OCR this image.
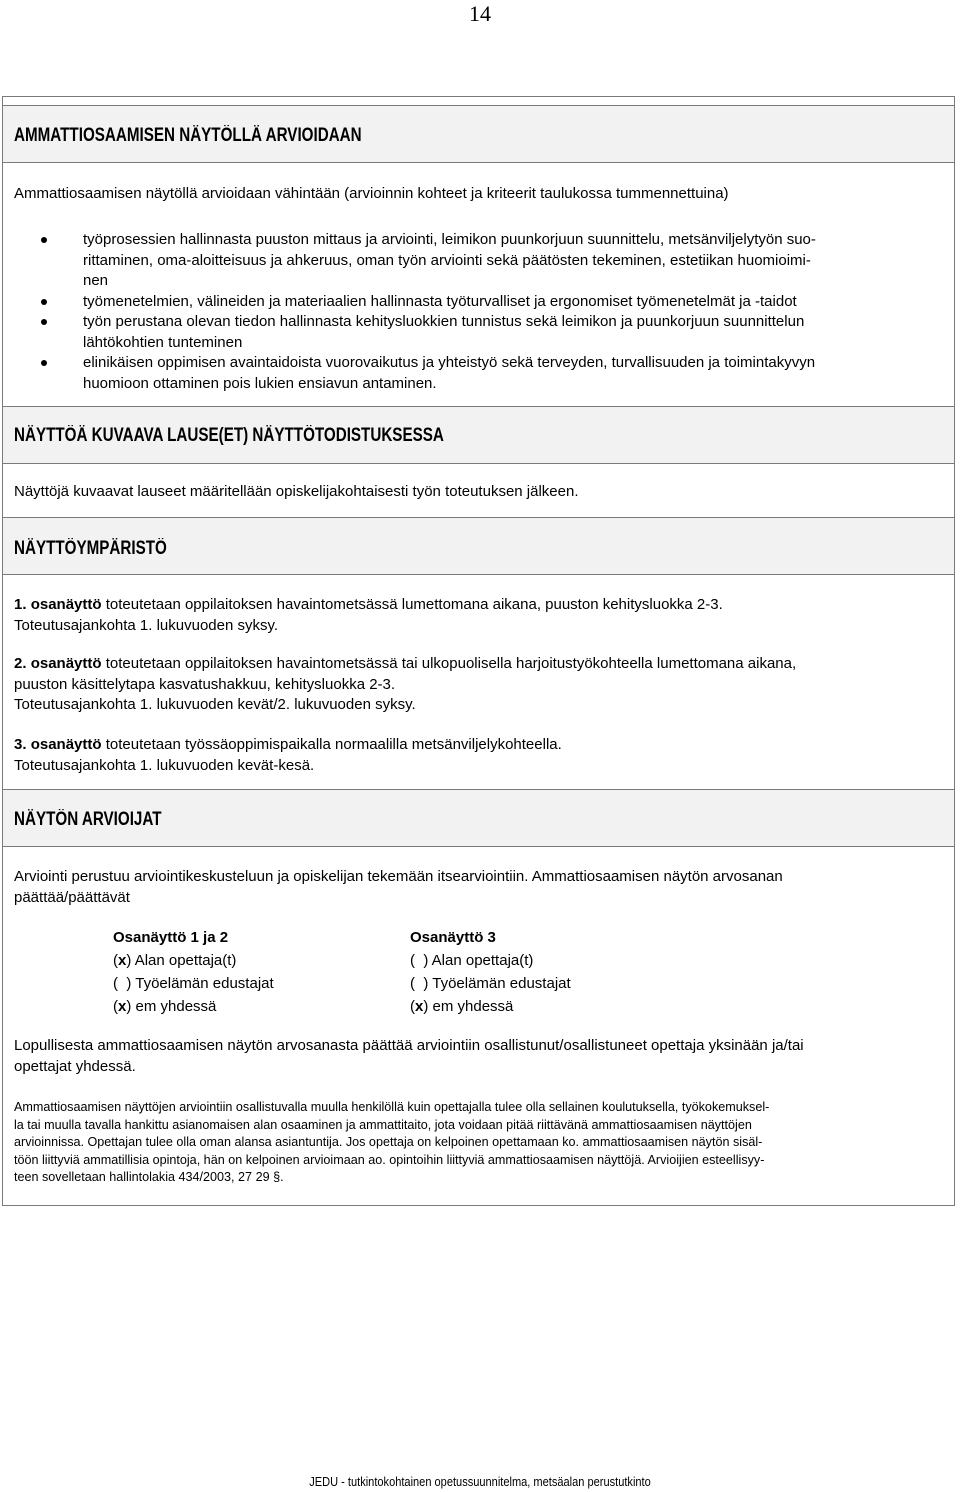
14
AMMATTIOSAAMISEN NÄYTÖLLÄ ARVIOIDAAN
Ammattiosaamisen näytöllä arvioidaan vähintään (arvioinnin kohteet ja kriteerit taulukossa tummennettuina)
työprosessien hallinnasta puuston mittaus ja arviointi, leimikon puunkorjuun suunnittelu, metsänviljelytyön suo-
rittaminen, oma-aloitteisuus ja ahkeruus, oman työn arviointi sekä päätösten tekeminen, estetiikan huomioimi-
nen
työmenetelmien, välineiden ja materiaalien hallinnasta työturvalliset ja ergonomiset työmenetelmät ja -taidot
työn perustana olevan tiedon hallinnasta kehitysluokkien tunnistus sekä leimikon ja puunkorjuun suunnittelun
lähtökohtien tunteminen
elinikäisen oppimisen avaintaidoista vuorovaikutus ja yhteistyö sekä terveyden, turvallisuuden ja toimintakyvyn
huomioon ottaminen pois lukien ensiavun antaminen.
NÄYTTÖÄ KUVAAVA LAUSE(ET) NÄYTTÖTODISTUKSESSA
Näyttöjä kuvaavat lauseet määritellään opiskelijakohtaisesti työn toteutuksen jälkeen.
NÄYTTÖYMPÄRISTÖ
1. osanäyttö toteutetaan oppilaitoksen havaintometsässä lumettomana aikana, puuston kehitysluokka 2-3.
Toteutusajankohta 1. lukuvuoden syksy.
2. osanäyttö toteutetaan oppilaitoksen havaintometsässä tai ulkopuolisella harjoitustyökohteella lumettomana aikana,
puuston käsittelytapa kasvatushakkuu, kehitysluokka 2-3.
Toteutusajankohta 1. lukuvuoden kevät/2. lukuvuoden syksy.
3. osanäyttö toteutetaan työssäoppimispaikalla normaalilla metsänviljelykohteella.
Toteutusajankohta 1. lukuvuoden kevät-kesä.
NÄYTÖN ARVIOIJAT
Arviointi perustuu arviointikeskusteluun ja opiskelijan tekemään itsearviointiin. Ammattiosaamisen näytön arvosanan
päättää/päättävät
Osanäyttö 1 ja 2
(x) Alan opettaja(t)
(  ) Työelämän edustajat
(x) em yhdessä
Osanäyttö 3
(  ) Alan opettaja(t)
(  ) Työelämän edustajat
(x) em yhdessä
Lopullisesta ammattiosaamisen näytön arvosanasta päättää arviointiin osallistunut/osallistuneet opettaja yksinään ja/tai
opettajat yhdessä.
Ammattiosaamisen näyttöjen arviointiin osallistuvalla muulla henkilöllä kuin opettajalla tulee olla sellainen koulutuksella, työkokemuksel-
la tai muulla tavalla hankittu asianomaisen alan osaaminen ja ammattitaito, jota voidaan pitää riittävänä ammattiosaamisen näyttöjen
arvioinnissa. Opettajan tulee olla oman alansa asiantuntija. Jos opettaja on kelpoinen opettamaan ko. ammattiosaamisen näytön sisäl-
töön liittyviä ammatillisia opintoja, hän on kelpoinen arvioimaan ao. opintoihin liittyviä ammattiosaamisen näyttöjä. Arvioijien esteellisyy-
teen sovelletaan hallintolakia 434/2003, 27 29 §.
JEDU - tutkintokohtainen opetussuunnitelma, metsäalan perustutkinto
